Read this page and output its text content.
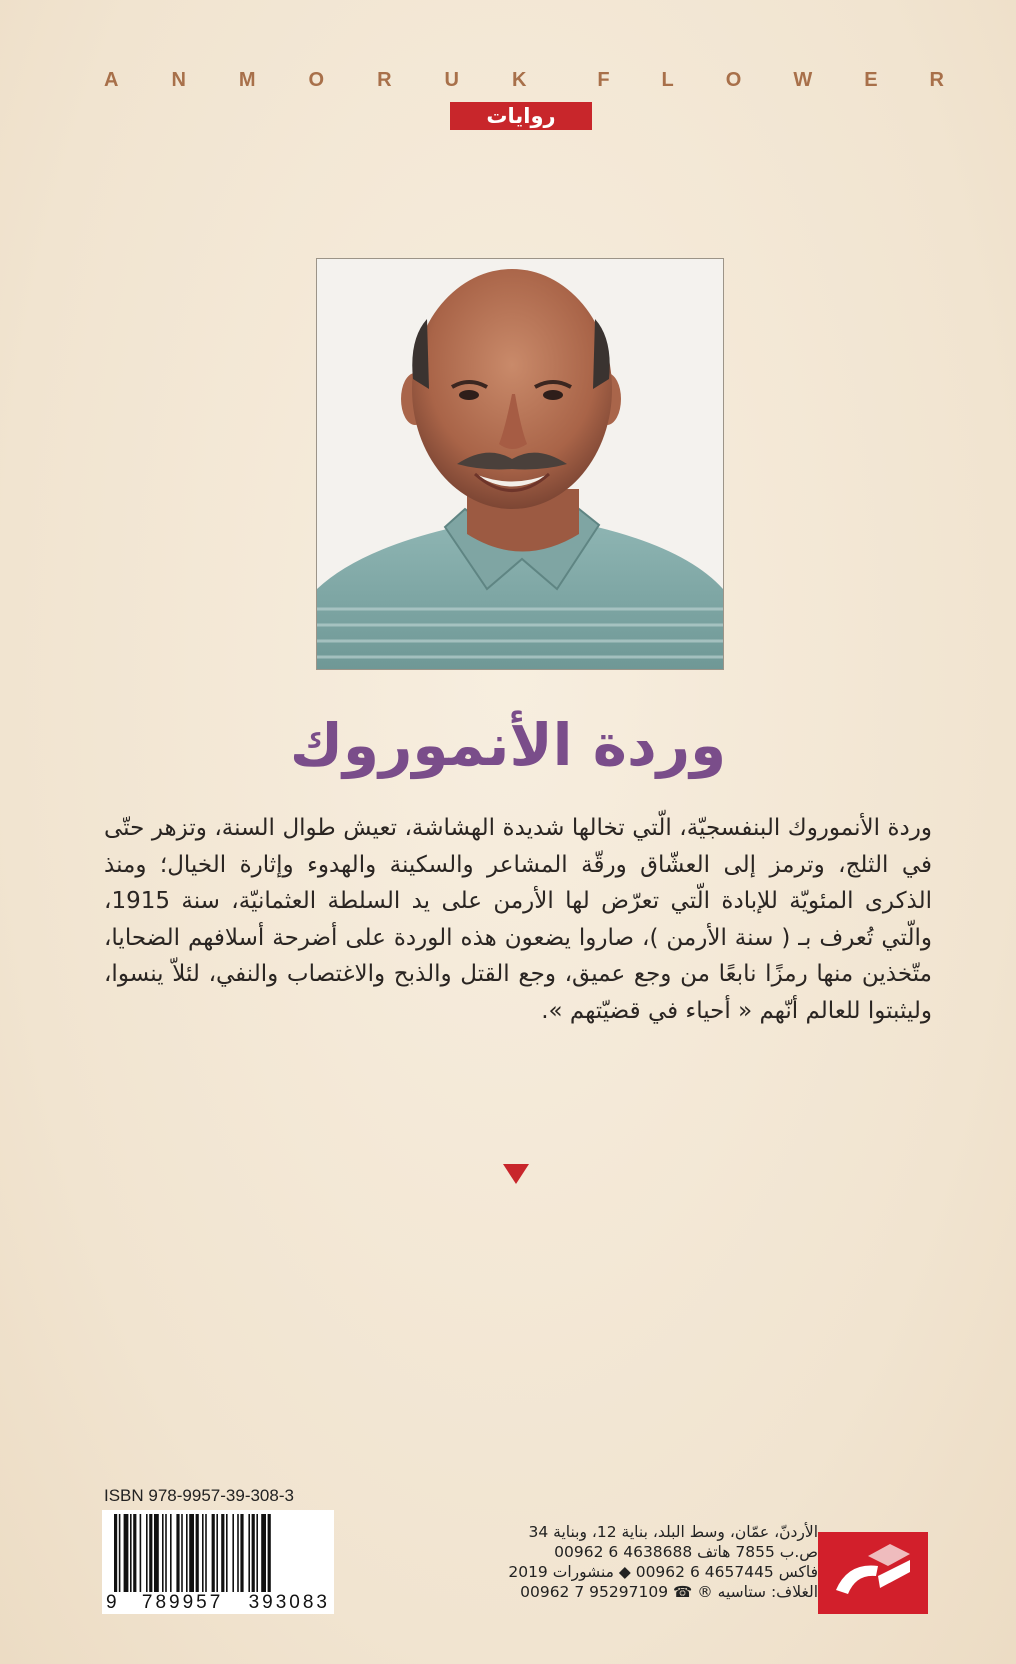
ANMORUK FLOWER
روايات
وردة الأنموروك
وردة الأنموروك البنفسجيّة، الّتي تخالها شديدة الهشاشة، تعيش طوال السنة، وتزهر حتّى في الثلج، وترمز إلى العشّاق ورقّة المشاعر والسكينة والهدوء وإثارة الخيال؛ ومنذ الذكرى المئويّة للإبادة الّتي تعرّض لها الأرمن على يد السلطة العثمانيّة، سنة 1915، والّتي تُعرف بـ ( سنة الأرمن )، صاروا يضعون هذه الوردة على أضرحة أسلافهم الضحايا، متّخذين منها رمزًا نابعًا من وجع عميق، وجع القتل والذبح والاغتصاب والنفي، لئلاّ ينسوا، وليثبتوا للعالم أنّهم « أحياء في قضيّتهم ».
ISBN 978-9957-39-308-3
9 789957 393083
الأردنّ، عمّان، وسط البلد، بناية 12، وبناية 34
ص.ب 7855 هاتف 4638688 6 00962
فاكس 4657445 6 00962 ◆ منشورات 2019
الغلاف: ستاسيه ® ☎ 95297109 7 00962
